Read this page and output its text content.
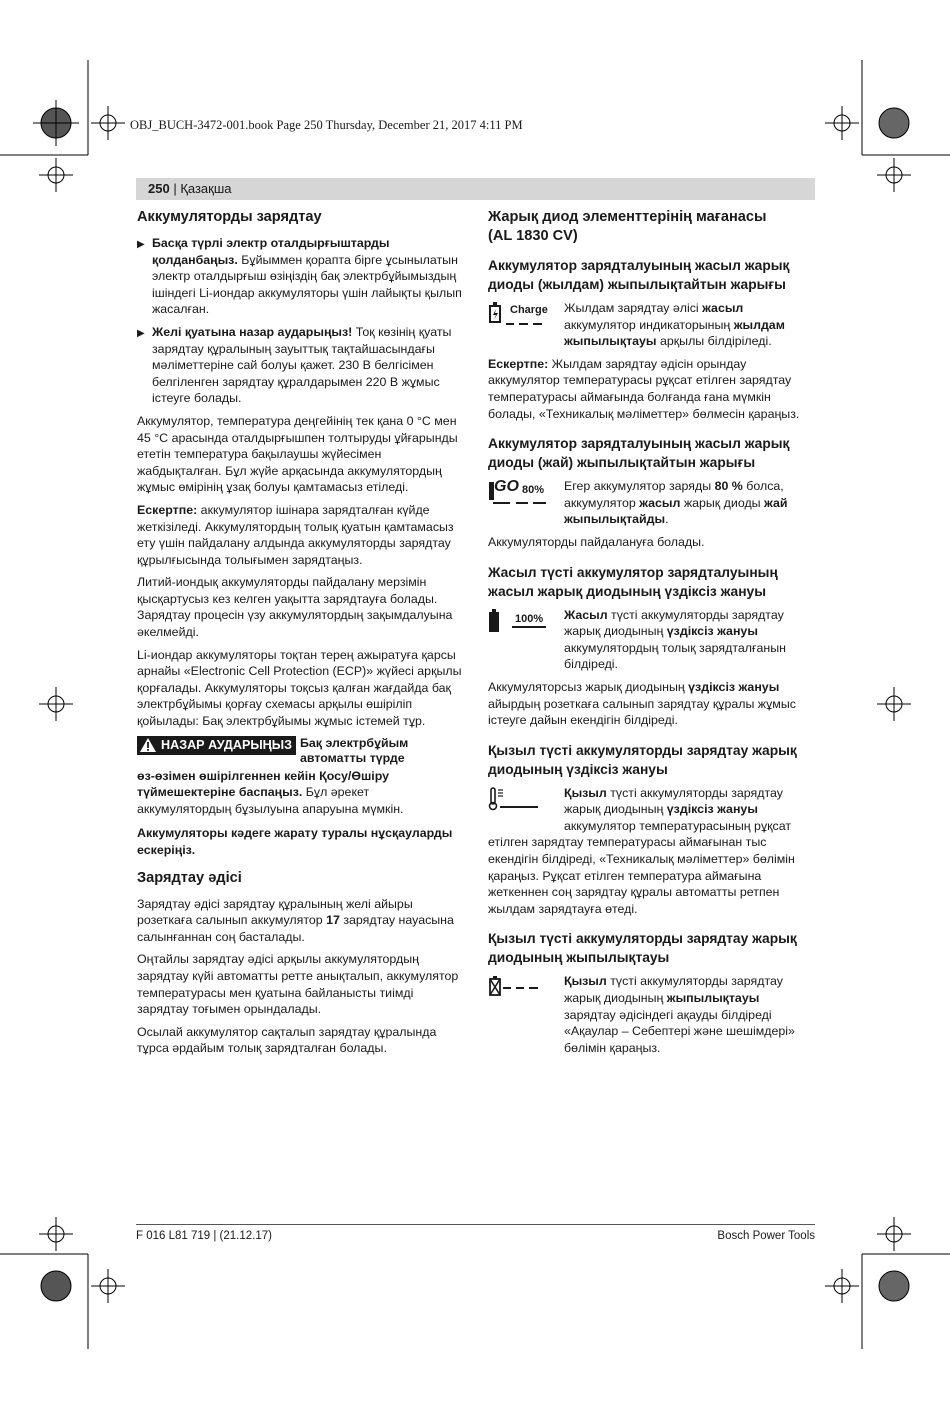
OBJ_BUCH-3472-001.book Page 250 Thursday, December 21, 2017 4:11 PM
250 | Қазақша
Аккумуляторды зарядтау
▶ Басқа түрлі электр оталдырғыштарды қолданбаңыз. Бұйыммен қорапта бірге ұсынылатын электр оталдырғыш өзіңіздің бақ электрбұйымыздың ішіндегі Li-иондар аккумуляторы үшін лайықты қылып жасалған.
▶ Желі қуатына назар аударыңыз! Тоқ көзінің қуаты зарядтау құралының зауыттық тақтайшасындағы мәліметтеріне сай болуы қажет. 230 В белгісімен белгіленген зарядтау құралдарымен 220 В жұмыс істеуге болады.

Аккумулятор, температура деңгейінің тек қана 0 °C мен 45 °C арасында оталдырғышпен толтыруды ұйғарынды ететін температура бақылаушы жүйесімен жабдықталған. Бұл жүйе арқасында аккумулятордың жұмыс өмірінің ұзақ болуы қамтамасыз етіледі.

Ескертпе: аккумулятор ішінара зарядталған күйде жеткізіледі. Аккумулятордың толық қуатын қамтамасыз ету үшін пайдалану алдында аккумуляторды зарядтау құрылғысында толығымен зарядтаңыз.

Литий-иондық аккумуляторды пайдалану мерзімін қысқартусыз кез келген уақытта зарядтауға болады. Зарядтау процесін үзу аккумулятордың зақымдалуына әкелмейді.

Li-иондар аккумуляторы тоқтан терең ажыратуға қарсы арнайы «Electronic Cell Protection (ECP)» жүйесі арқылы қорғалады. Аккумуляторы тоқсыз қалған жағдайда бақ электрбұйымы қорғау схемасы арқылы өшіріліп қойылады: Бақ электрбұйымы жұмыс істемей тұр.

НАЗАР АУДАРЫҢЫЗ Бақ электрбұйым автоматты түрде

өз-өзімен өшірілгеннен кейін Қосу/Өшіру түймешектеріне баспаңыз. Бұл әрекет аккумулятордың бұзылуына апаруына мүмкін.

Аккумуляторы кәдеге жарату туралы нұсқауларды ескеріңіз.

Зарядтау әдісі

Зарядтау әдісі зарядтау құралының желі айыры розеткаға салынып аккумулятор 17 зарядтау науасына салынғаннан соң басталады.

Оңтайлы зарядтау әдісі арқылы аккумулятордың зарядтау күйі автоматты ретте анықталып, аккумулятор температурасы мен қуатына байланысты тиімді зарядтау тоғымен орындалады.

Осылай аккумулятор сақталып зарядтау құралында тұрса әрдайым толық зарядталған болады.

Жарық диод элементтерінің мағанасы
(AL 1830 CV)
Аккумулятор зарядталуының жасыл жарық диоды (жылдам) жыпылықтайтын жарығы
Charge Жылдам зарядтау әлісі жасыл аккумулятор индикаторының жылдам жыпылықтауы арқылы білдіріледі.

Ескертпе: Жылдам зарядтау әдісін орындау аккумулятор температурасы рұқсат етілген зарядтау температурасы аймағында болғанда ғана мүмкін болады, «Техникалық мәліметтер» бөлмесін қараңыз.

Аккумулятор зарядталуының жасыл жарық диоды (жай) жыпылықтайтын жарығы
GO 80% Егер аккумулятор заряды 80 % болса, аккумулятор жасыл жарық диоды жай жыпылықтайды.

Аккумуляторды пайдалануға болады.

Жасыл түсті аккумулятор зарядталуының жасыл жарық диодының үздіксіз жануы
100% Жасыл түсті аккумуляторды зарядтау жарық диодының үздіксіз жануы аккумулятордың толық зарядталғанын білдіреді.

Аккумуляторсыз жарық диодының үздіксіз жануы айырдың розеткаға салынып зарядтау құралы жұмыс істеуге дайын екендігін білдіреді.

Қызыл түсті аккумуляторды зарядтау жарық диодының үздіксіз жануы
Қызыл түсті аккумуляторды зарядтау жарық диодының үздіксіз жануы аккумулятор температурасының рұқсат

етілген зарядтау температурасы аймағынан тыс екендігін білдіреді, «Техникалық мәліметтер» бөлімін қараңыз. Рұқсат етілген температура аймағына жеткеннен соң зарядтау құралы автоматты ретпен жылдам зарядтауға өтеді.

Қызыл түсті аккумуляторды зарядтау жарық диодының жыпылықтауы
Қызыл түсті аккумуляторды зарядтау жарық диодының жыпылықтауы зарядтау әдісіндегі ақауды білдіреді «Ақаулар – Себептері және шешімдері» бөлімін қараңыз.
F 016 L81 719 | (21.12.17)	Bosch Power Tools
